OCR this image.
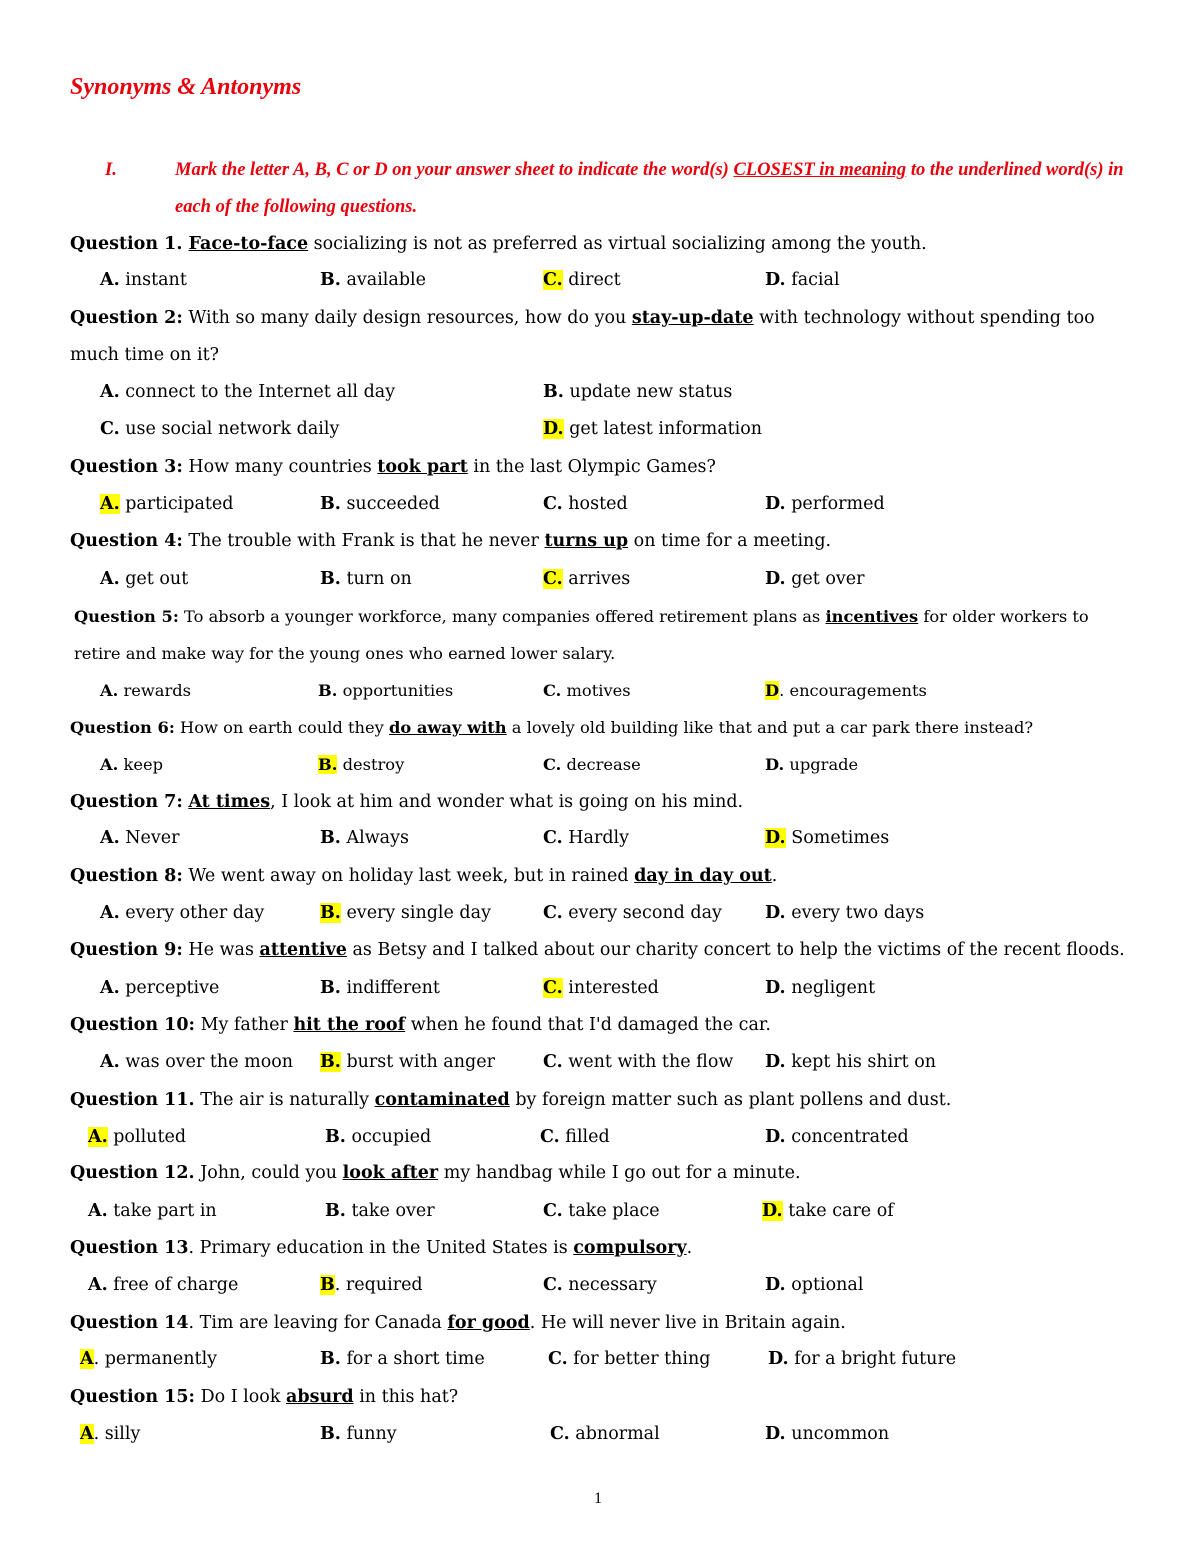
Synonyms & Antonyms
I.	Mark the letter A, B, C or D on your answer sheet to indicate the word(s) CLOSEST in meaning to the underlined word(s) in each of the following questions.
Question 1. Face-to-face socializing is not as preferred as virtual socializing among the youth.
A. instant	B. available	C. direct	D. facial
Question 2: With so many daily design resources, how do you stay-up-date with technology without spending too much time on it?
A. connect to the Internet all day	B. update new status
C. use social network daily	D. get latest information
Question 3: How many countries took part in the last Olympic Games?
A. participated	B. succeeded	C. hosted	D. performed
Question 4: The trouble with Frank is that he never turns up on time for a meeting.
A. get out	B. turn on	C. arrives	D. get over
Question 5: To absorb a younger workforce, many companies offered retirement plans as incentives for older workers to retire and make way for the young ones who earned lower salary.
A. rewards	B. opportunities	C. motives	D. encouragements
Question 6: How on earth could they do away with a lovely old building like that and put a car park there instead?
A. keep	B. destroy	C. decrease	D. upgrade
Question 7: At times, I look at him and wonder what is going on his mind.
A. Never	B. Always	C. Hardly	D. Sometimes
Question 8: We went away on holiday last week, but in rained day in day out.
A. every other day	B. every single day	C. every second day D. every two days
Question 9: He was attentive as Betsy and I talked about our charity concert to help the victims of the recent floods.
A. perceptive	B. indifferent	C. interested	D. negligent
Question 10: My father hit the roof when he found that I'd damaged the car.
A. was over the moon B. burst with anger	C. went with the flow D. kept his shirt on
Question 11. The air is naturally contaminated by foreign matter such as plant pollens and dust.
A. polluted	B. occupied	C. filled	D. concentrated
Question 12. John, could you look after my handbag while I go out for a minute.
A. take part in	B. take over	C. take place	D. take care of
Question 13. Primary education in the United States is compulsory.
A. free of charge	B. required	C. necessary	D. optional
Question 14. Tim are leaving for Canada for good. He will never live in Britain again.
A. permanently	B. for a short time	C. for better thing	D. for a bright future
Question 15: Do I look absurd in this hat?
A. silly	B. funny	C. abnormal	D. uncommon
1
